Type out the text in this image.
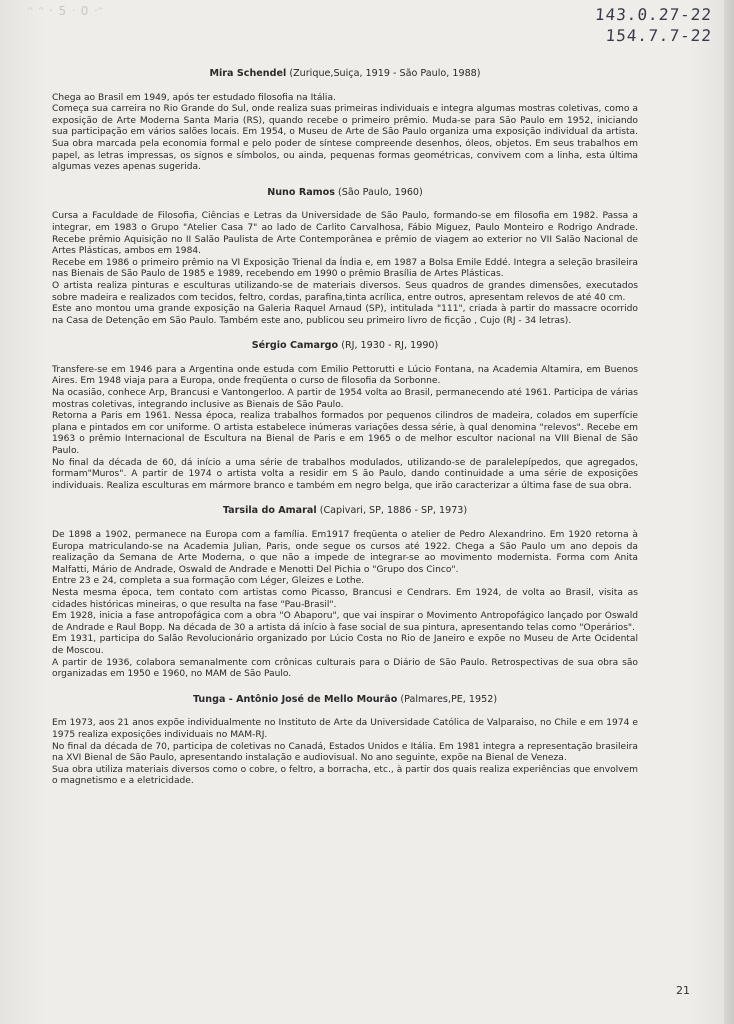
ᵔ ᵔ ᐧ 5 ᐧ 0 ᐧᵔ	143.0.27-22
154.7.7-22
Mira Schendel (Zurique,Suiça, 1919 - São Paulo, 1988)

Chega ao Brasil em 1949, após ter estudado filosofia na Itália.

Começa sua carreira no Rio Grande do Sul, onde realiza suas primeiras individuais e integra algumas mostras coletivas, como a exposição de Arte Moderna Santa Maria (RS), quando recebe o primeiro prêmio. Muda-se para São Paulo em 1952, iniciando sua participação em vários salões locais. Em 1954, o Museu de Arte de São Paulo organiza uma exposição individual da artista. Sua obra marcada pela economia formal e pelo poder de síntese compreende desenhos, óleos, objetos. Em seus trabalhos em papel, as letras impressas, os signos e símbolos, ou ainda, pequenas formas geométricas, convivem com a linha, esta última algumas vezes apenas sugerida.

Nuno Ramos (São Paulo, 1960)

Cursa a Faculdade de Filosofia, Ciências e Letras da Universidade de São Paulo, formando-se em filosofia em 1982. Passa a integrar, em 1983 o Grupo "Atelier Casa 7" ao lado de Carlito Carvalhosa, Fábio Miguez, Paulo Monteiro e Rodrigo Andrade. Recebe prêmio Aquisição no II Salão Paulista de Arte Contemporânea e prêmio de viagem ao exterior no VII Salão Nacional de Artes Plásticas, ambos em 1984.

Recebe em 1986 o primeiro prêmio na VI Exposição Trienal da Índia e, em 1987 a Bolsa Emile Eddé. Integra a seleção brasileira nas Bienais de São Paulo de 1985 e 1989, recebendo em 1990 o prêmio Brasília de Artes Plásticas.

O artista realiza pinturas e esculturas utilizando-se de materiais diversos. Seus quadros de grandes dimensões, executados sobre madeira e realizados com tecidos, feltro, cordas, parafina,tinta acrílica, entre outros, apresentam relevos de até 40 cm.

Este ano montou uma grande exposição na Galeria Raquel Arnaud (SP), intitulada "111", criada à partir do massacre ocorrido na Casa de Detenção em São Paulo. Também este ano, publicou seu primeiro livro de ficção , Cujo (RJ - 34 letras).

Sérgio Camargo (RJ, 1930 - RJ, 1990)

Transfere-se em 1946 para a Argentina onde estuda com Emilio Pettorutti e Lúcio Fontana, na Academia Altamira, em Buenos Aires. Em 1948 viaja para a Europa, onde freqüenta o curso de filosofia da Sorbonne.

Na ocasião, conhece Arp, Brancusi e Vantongerloo. A partir de 1954 volta ao Brasil, permanecendo até 1961. Participa de várias mostras coletivas, integrando inclusive as Bienais de São Paulo.

Retorna a Paris em 1961. Nessa época, realiza trabalhos formados por pequenos cilindros de madeira, colados em superfície plana e pintados em cor uniforme. O artista estabelece inúmeras variações dessa série, à qual denomina "relevos". Recebe em 1963 o prêmio Internacional de Escultura na Bienal de Paris e em 1965 o de melhor escultor nacional na VIII Bienal de São Paulo.

No final da década de 60, dá início a uma série de trabalhos modulados, utilizando-se de paralelepípedos, que agregados, formam"Muros". A partir de 1974 o artista volta a residir em S ão Paulo, dando continuidade a uma série de exposições individuais. Realiza esculturas em mármore branco e também em negro belga, que irão caracterizar a última fase de sua obra.

Tarsila do Amaral (Capivari, SP, 1886 - SP, 1973)

De 1898 a 1902, permanece na Europa com a família. Em1917 freqüenta o atelier de Pedro Alexandrino. Em 1920 retorna à Europa matriculando-se na Academia Julian, Paris, onde segue os cursos até 1922. Chega a São Paulo um ano depois da realização da Semana de Arte Moderna, o que não a impede de integrar-se ao movimento modernista. Forma com Anita Malfatti, Mário de Andrade, Oswald de Andrade e Menotti Del Pichia o "Grupo dos Cinco".

Entre 23 e 24, completa a sua formação com Léger, Gleizes e Lothe.

Nesta mesma época, tem contato com artistas como Picasso, Brancusi e Cendrars. Em 1924, de volta ao Brasil, visita as cidades históricas mineiras, o que resulta na fase "Pau-Brasil".

Em 1928, inicia a fase antropofágica com a obra "O Abaporu", que vai inspirar o Movimento Antropofágico lançado por Oswald de Andrade e Raul Bopp. Na década de 30 a artista dá início à fase social de sua pintura, apresentando telas como "Operários".

Em 1931, participa do Salão Revolucionário organizado por Lúcio Costa no Rio de Janeiro e expõe no Museu de Arte Ocidental de Moscou.

A partir de 1936, colabora semanalmente com crônicas culturais para o Diário de São Paulo. Retrospectivas de sua obra são organizadas em 1950 e 1960, no MAM de São Paulo.

Tunga - Antônio José de Mello Mourão (Palmares,PE, 1952)

Em 1973, aos 21 anos expõe individualmente no Instituto de Arte da Universidade Católica de Valparaiso, no Chile e em 1974 e 1975 realiza exposições individuais no MAM-RJ.

No final da década de 70, participa de coletivas no Canadá, Estados Unidos e Itália. Em 1981 integra a representação brasileira na XVI Bienal de São Paulo, apresentando instalação e audiovisual. No ano seguinte, expõe na Bienal de Veneza.

Sua obra utiliza materiais diversos como o cobre, o feltro, a borracha, etc., à partir dos quais realiza experiências que envolvem o magnetismo e a eletricidade.

21
